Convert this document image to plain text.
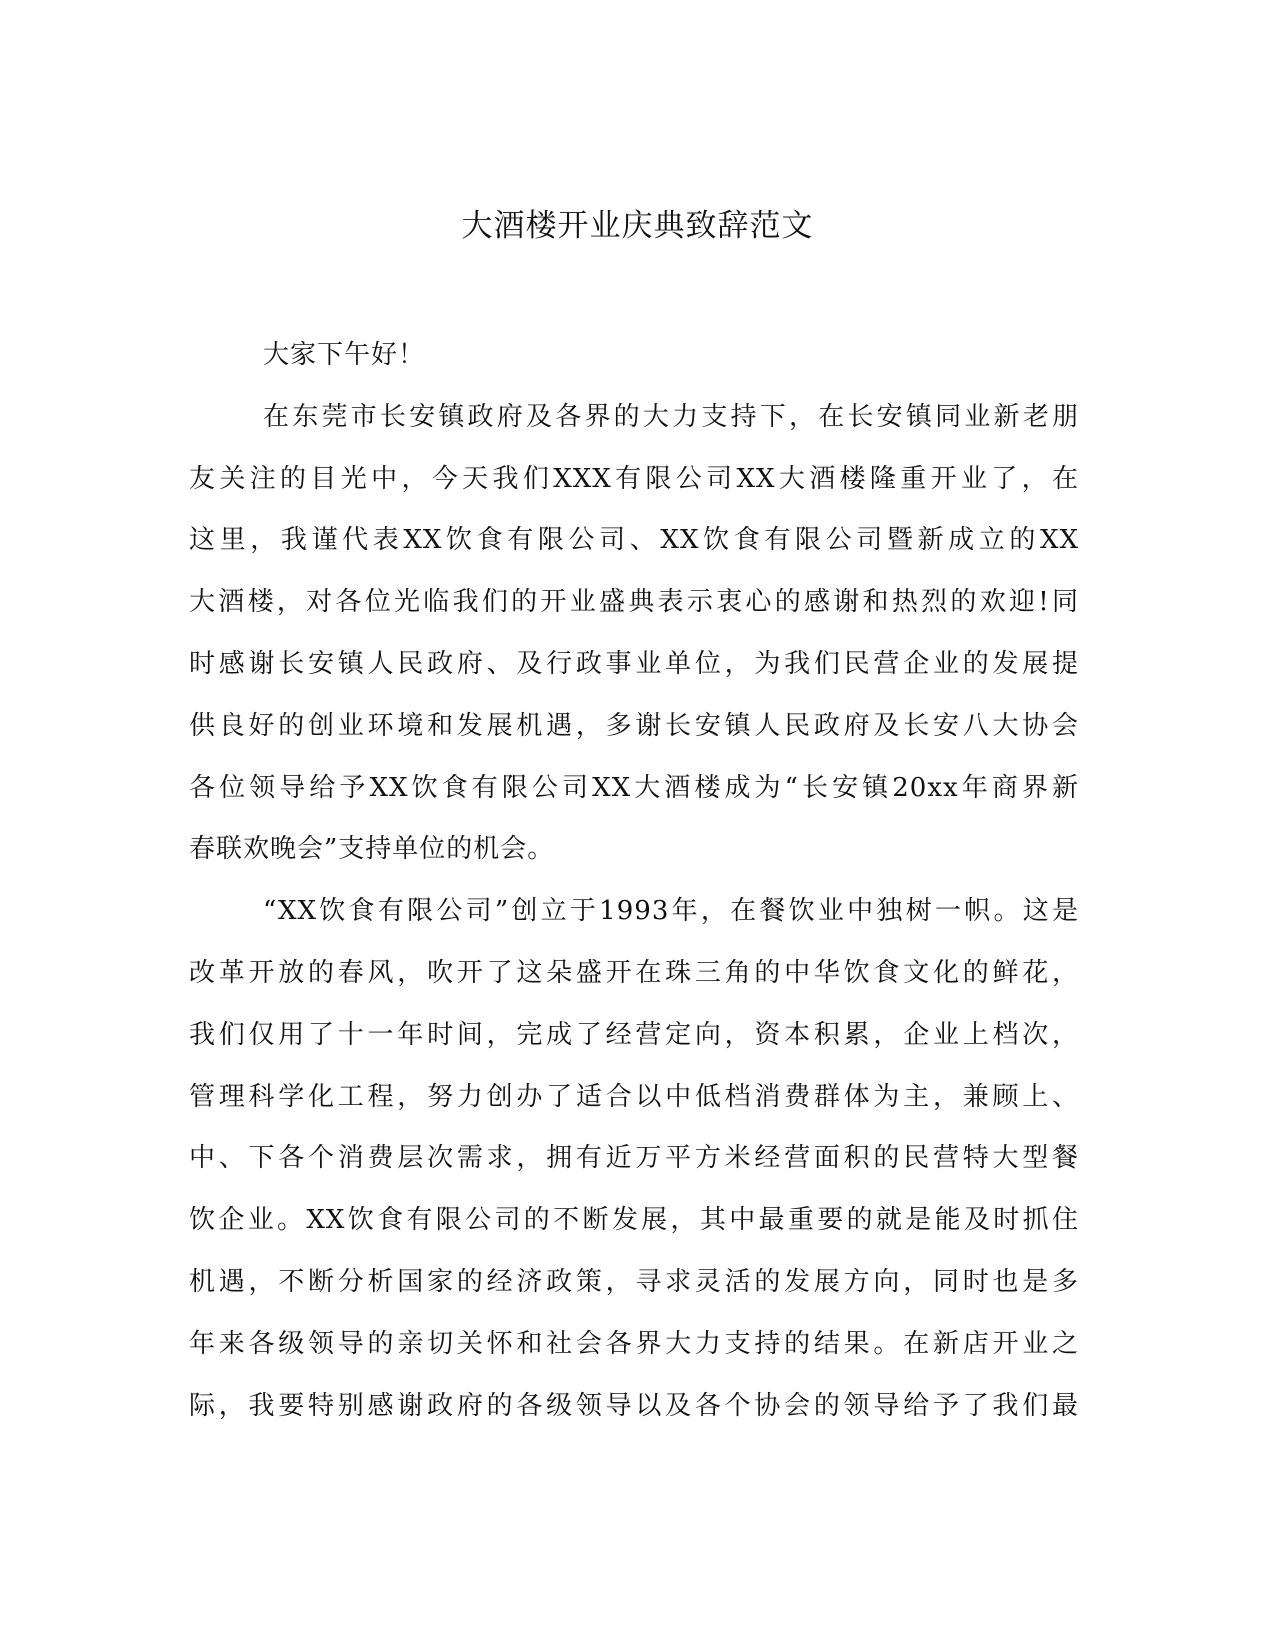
大酒楼开业庆典致辞范文
大家下午好！
在东莞市长安镇政府及各界的大力支持下，在长安镇同业新老朋
友关注的目光中，今天我们XXX有限公司XX大酒楼隆重开业了，在
这里，我谨代表XX饮食有限公司、XX饮食有限公司暨新成立的XX
大酒楼，对各位光临我们的开业盛典表示衷心的感谢和热烈的欢迎!同
时感谢长安镇人民政府、及行政事业单位，为我们民营企业的发展提
供良好的创业环境和发展机遇，多谢长安镇人民政府及长安八大协会
各位领导给予XX饮食有限公司XX大酒楼成为“长安镇20xx年商界新
春联欢晚会”支持单位的机会。
“XX饮食有限公司”创立于1993年，在餐饮业中独树一帜。这是
改革开放的春风，吹开了这朵盛开在珠三角的中华饮食文化的鲜花，
我们仅用了十一年时间，完成了经营定向，资本积累，企业上档次，
管理科学化工程，努力创办了适合以中低档消费群体为主，兼顾上、
中、下各个消费层次需求，拥有近万平方米经营面积的民营特大型餐
饮企业。XX饮食有限公司的不断发展，其中最重要的就是能及时抓住
机遇，不断分析国家的经济政策，寻求灵活的发展方向，同时也是多
年来各级领导的亲切关怀和社会各界大力支持的结果。在新店开业之
际，我要特别感谢政府的各级领导以及各个协会的领导给予了我们最
